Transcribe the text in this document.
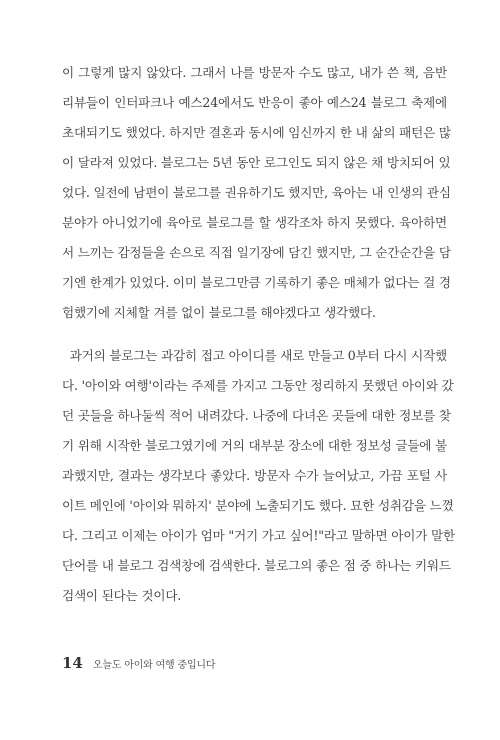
이 그렇게 많지 않았다. 그래서 나를 방문자 수도 많고, 내가 쓴 책, 음반
리뷰들이 인터파크나 예스24에서도 반응이 좋아 예스24 블로그 축제에
초대되기도 했었다. 하지만 결혼과 동시에 임신까지 한 내 삶의 패턴은 많
이 달라져 있었다. 블로그는 5년 동안 로그인도 되지 않은 채 방치되어 있
었다. 일전에 남편이 블로그를 권유하기도 했지만, 육아는 내 인생의 관심
분야가 아니었기에 육아로 블로그를 할 생각조차 하지 못했다. 육아하면
서 느끼는 감정들을 손으로 직접 일기장에 담긴 했지만, 그 순간순간을 담
기엔 한계가 있었다. 이미 블로그만큼 기록하기 좋은 매체가 없다는 걸 경
험했기에 지체할 겨를 없이 블로그를 해야겠다고 생각했다.
과거의 블로그는 과감히 접고 아이디를 새로 만들고 0부터 다시 시작했
다. '아이와 여행'이라는 주제를 가지고 그동안 정리하지 못했던 아이와 갔
던 곳들을 하나둘씩 적어 내려갔다. 나중에 다녀온 곳들에 대한 정보를 찾
기 위해 시작한 블로그였기에 거의 대부분 장소에 대한 정보성 글들에 불
과했지만, 결과는 생각보다 좋았다. 방문자 수가 늘어났고, 가끔 포털 사
이트 메인에 '아이와 뭐하지' 분야에 노출되기도 했다. 묘한 성취감을 느꼈
다. 그리고 이제는 아이가 엄마 "거기 가고 싶어!"라고 말하면 아이가 말한
단어를 내 블로그 검색창에 검색한다. 블로그의 좋은 점 중 하나는 키워드
검색이 된다는 것이다.
14 오늘도 아이와 여행 중입니다
